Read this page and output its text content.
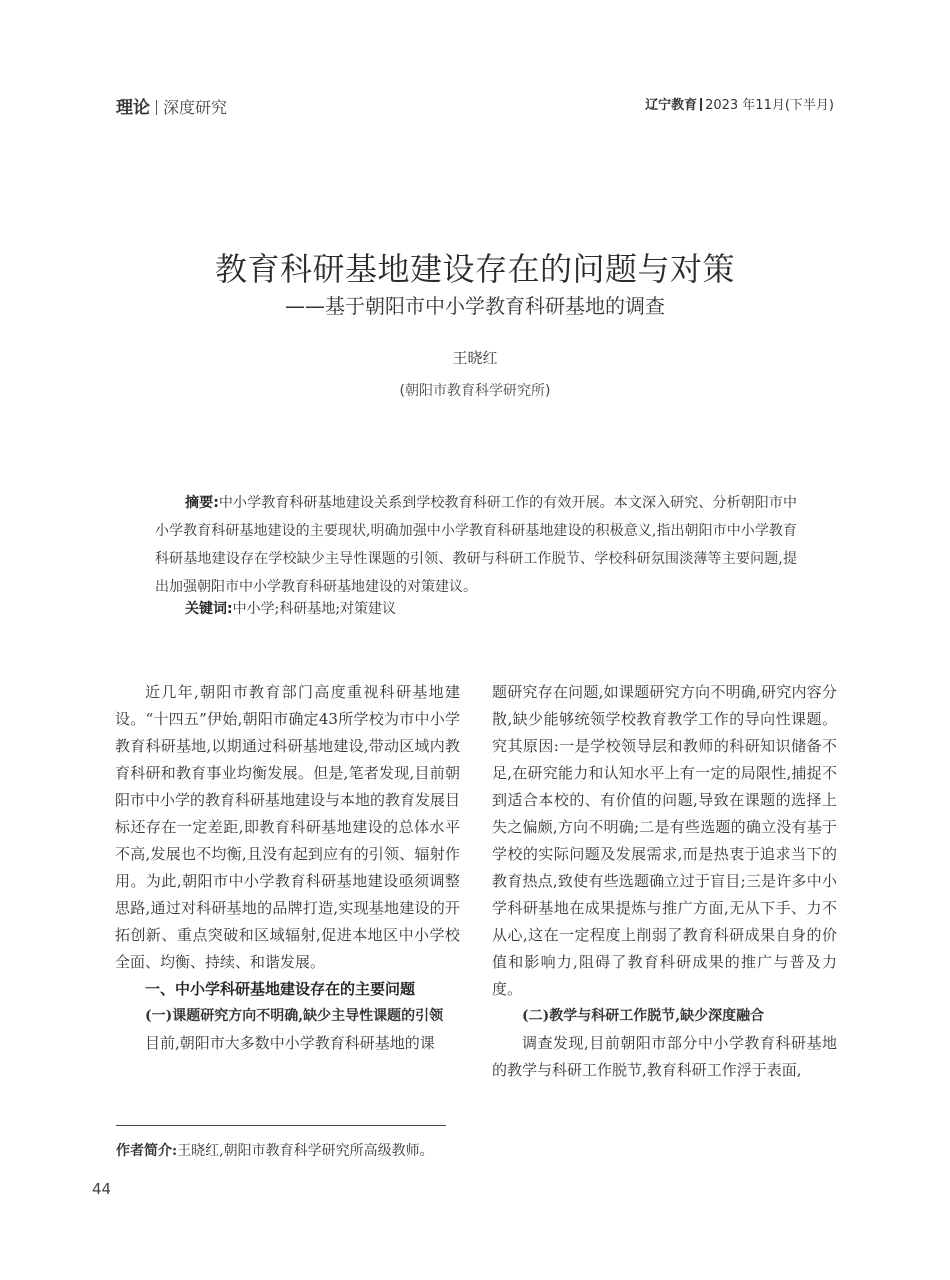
理论 深度研究	辽宁教育 2023 年11月(下半月)
教育科研基地建设存在的问题与对策
——基于朝阳市中小学教育科研基地的调查
王晓红
(朝阳市教育科学研究所)

摘要:中小学教育科研基地建设关系到学校教育科研工作的有效开展。本文深入研究、分析朝阳市中小学教育科研基地建设的主要现状,明确加强中小学教育科研基地建设的积极意义,指出朝阳市中小学教育科研基地建设存在学校缺少主导性课题的引领、教研与科研工作脱节、学校科研氛围淡薄等主要问题,提出加强朝阳市中小学教育科研基地建设的对策建议。

关键词:中小学;科研基地;对策建议

近几年,朝阳市教育部门高度重视科研基地建设。“十四五”伊始,朝阳市确定43所学校为市中小学教育科研基地,以期通过科研基地建设,带动区域内教育科研和教育事业均衡发展。但是,笔者发现,目前朝阳市中小学的教育科研基地建设与本地的教育发展目标还存在一定差距,即教育科研基地建设的总体水平不高,发展也不均衡,且没有起到应有的引领、辐射作用。为此,朝阳市中小学教育科研基地建设亟须调整思路,通过对科研基地的品牌打造,实现基地建设的开拓创新、重点突破和区域辐射,促进本地区中小学校全面、均衡、持续、和谐发展。

一、中小学科研基地建设存在的主要问题

(一)课题研究方向不明确,缺少主导性课题的引领

目前,朝阳市大多数中小学教育科研基地的课

题研究存在问题,如课题研究方向不明确,研究内容分散,缺少能够统领学校教育教学工作的导向性课题。究其原因:一是学校领导层和教师的科研知识储备不足,在研究能力和认知水平上有一定的局限性,捕捉不到适合本校的、有价值的问题,导致在课题的选择上失之偏颇,方向不明确;二是有些选题的确立没有基于学校的实际问题及发展需求,而是热衷于追求当下的教育热点,致使有些选题确立过于盲目;三是许多中小学科研基地在成果提炼与推广方面,无从下手、力不从心,这在一定程度上削弱了教育科研成果自身的价值和影响力,阻碍了教育科研成果的推广与普及力度。

(二)教学与科研工作脱节,缺少深度融合

调查发现,目前朝阳市部分中小学教育科研基地的教学与科研工作脱节,教育科研工作浮于表面,

作者简介:王晓红,朝阳市教育科学研究所高级教师。
44
